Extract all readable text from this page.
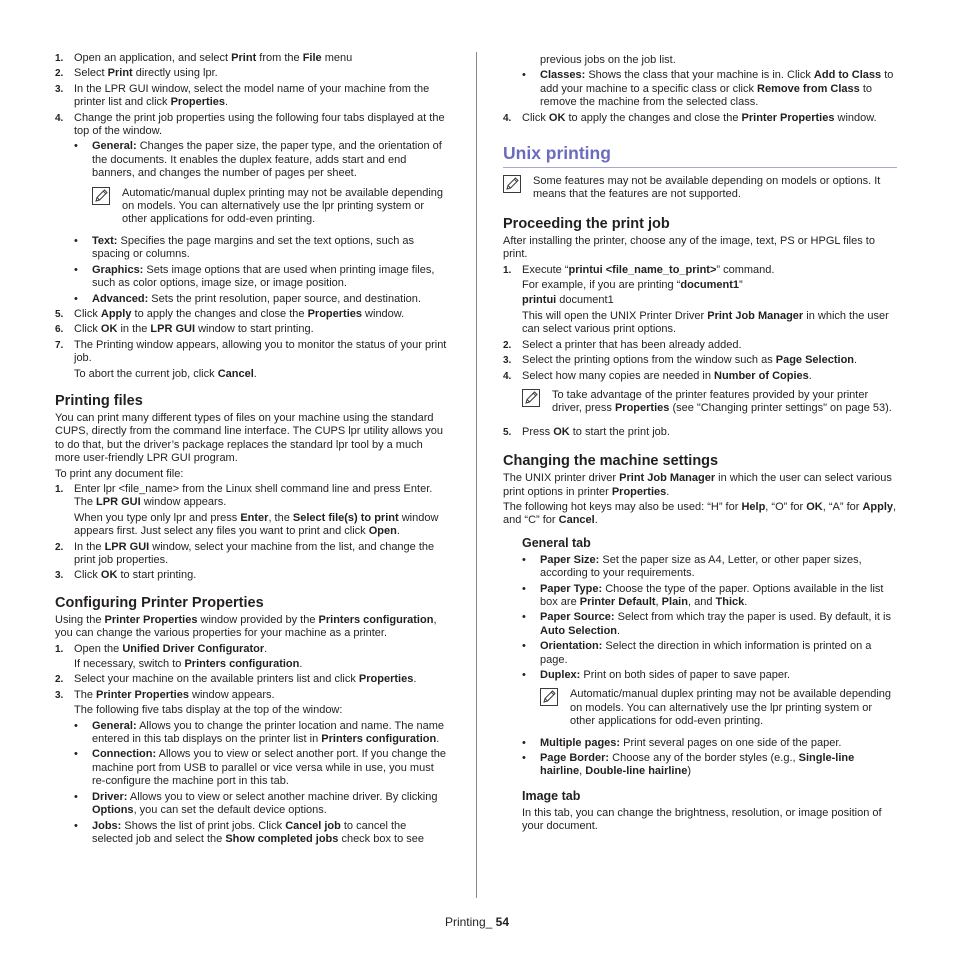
1. Open an application, and select Print from the File menu
2. Select Print directly using lpr.
3. In the LPR GUI window, select the model name of your machine from the printer list and click Properties.
4. Change the print job properties using the following four tabs displayed at the top of the window.
•	General: Changes the paper size, the paper type, and the orientation of the documents. It enables the duplex feature, adds start and end banners, and changes the number of pages per sheet.
Automatic/manual duplex printing may not be available depending on models. You can alternatively use the lpr printing system or other applications for odd-even printing.
•	Text: Specifies the page margins and set the text options, such as spacing or columns.
•	Graphics: Sets image options that are used when printing image files, such as color options, image size, or image position.
•	Advanced: Sets the print resolution, paper source, and destination.
5. Click Apply to apply the changes and close the Properties window.
6. Click OK in the LPR GUI window to start printing.
7. The Printing window appears, allowing you to monitor the status of your print job.
To abort the current job, click Cancel.
Printing files

You can print many different types of files on your machine using the standard CUPS, directly from the command line interface. The CUPS lpr utility allows you to do that, but the driver’s package replaces the standard lpr tool by a much more user-friendly LPR GUI program.

To print any document file:

1. Enter lpr <file_name> from the Linux shell command line and press Enter. The LPR GUI window appears.
When you type only lpr and press Enter, the Select file(s) to print window appears first. Just select any files you want to print and click Open.
2. In the LPR GUI window, select your machine from the list, and change the print job properties.
3. Click OK to start printing.
Configuring Printer Properties

Using the Printer Properties window provided by the Printers configuration, you can change the various properties for your machine as a printer.

1. Open the Unified Driver Configurator.
If necessary, switch to Printers configuration.
2. Select your machine on the available printers list and click Properties.
3. The Printer Properties window appears.
The following five tabs display at the top of the window:
•	General: Allows you to change the printer location and name. The name entered in this tab displays on the printer list in Printers configuration.
•	Connection: Allows you to view or select another port. If you change the machine port from USB to parallel or vice versa while in use, you must re-configure the machine port in this tab.
•	Driver: Allows you to view or select another machine driver. By clicking Options, you can set the default device options.
•	Jobs: Shows the list of print jobs. Click Cancel job to cancel the selected job and select the Show completed jobs check box to see
previous jobs on the job list.
•	Classes: Shows the class that your machine is in. Click Add to Class to add your machine to a specific class or click Remove from Class to remove the machine from the selected class.
4. Click OK to apply the changes and close the Printer Properties window.
Unix printing
Some features may not be available depending on models or options. It means that the features are not supported.
Proceeding the print job

After installing the printer, choose any of the image, text, PS or HPGL files to print.

1. Execute “printui <file_name_to_print>” command.
For example, if you are printing “document1”
printui document1
This will open the UNIX Printer Driver Print Job Manager in which the user can select various print options.
2. Select a printer that has been already added.
3. Select the printing options from the window such as Page Selection.
4. Select how many copies are needed in Number of Copies.
To take advantage of the printer features provided by your printer driver, press Properties (see "Changing printer settings" on page 53).
5. Press OK to start the print job.
Changing the machine settings

The UNIX printer driver Print Job Manager in which the user can select various print options in printer Properties.

The following hot keys may also be used: “H” for Help, “O” for OK, “A” for Apply, and “C” for Cancel.

General tab
•	Paper Size: Set the paper size as A4, Letter, or other paper sizes, according to your requirements.
•	Paper Type: Choose the type of the paper. Options available in the list box are Printer Default, Plain, and Thick.
•	Paper Source: Select from which tray the paper is used. By default, it is Auto Selection.
•	Orientation: Select the direction in which information is printed on a page.
•	Duplex: Print on both sides of paper to save paper.
Automatic/manual duplex printing may not be available depending on models. You can alternatively use the lpr printing system or other applications for odd-even printing.
•	Multiple pages: Print several pages on one side of the paper.
•	Page Border: Choose any of the border styles (e.g., Single-line hairline, Double-line hairline)
Image tab

In this tab, you can change the brightness, resolution, or image position of your document.

Printing_ 54
